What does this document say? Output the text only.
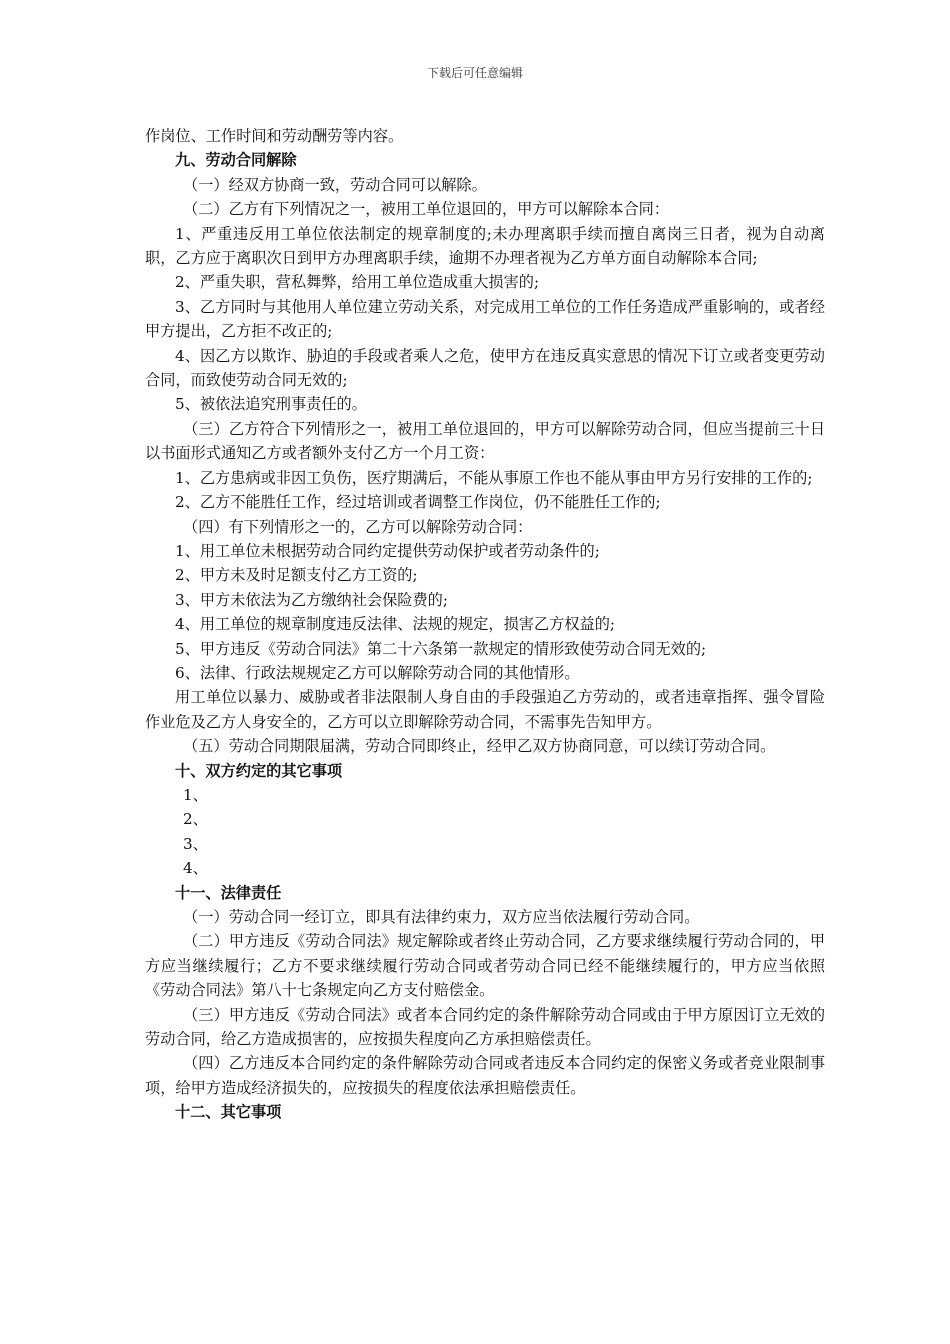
下载后可任意编辑

作岗位、工作时间和劳动酬劳等内容。

九、劳动合同解除

（一）经双方协商一致，劳动合同可以解除。

（二）乙方有下列情况之一，被用工单位退回的，甲方可以解除本合同：

1、严重违反用工单位依法制定的规章制度的;未办理离职手续而擅自离岗三日者，视为自动离职，乙方应于离职次日到甲方办理离职手续，逾期不办理者视为乙方单方面自动解除本合同;

2、严重失职，营私舞弊，给用工单位造成重大损害的;

3、乙方同时与其他用人单位建立劳动关系，对完成用工单位的工作任务造成严重影响的，或者经甲方提出，乙方拒不改正的;

4、因乙方以欺诈、胁迫的手段或者乘人之危，使甲方在违反真实意思的情况下订立或者变更劳动合同，而致使劳动合同无效的;

5、被依法追究刑事责任的。

（三）乙方符合下列情形之一，被用工单位退回的，甲方可以解除劳动合同，但应当提前三十日以书面形式通知乙方或者额外支付乙方一个月工资：

1、乙方患病或非因工负伤，医疗期满后，不能从事原工作也不能从事由甲方另行安排的工作的;

2、乙方不能胜任工作，经过培训或者调整工作岗位，仍不能胜任工作的;

（四）有下列情形之一的，乙方可以解除劳动合同：

1、用工单位未根据劳动合同约定提供劳动保护或者劳动条件的;

2、甲方未及时足额支付乙方工资的;

3、甲方未依法为乙方缴纳社会保险费的;

4、用工单位的规章制度违反法律、法规的规定，损害乙方权益的;

5、甲方违反《劳动合同法》第二十六条第一款规定的情形致使劳动合同无效的;

6、法律、行政法规规定乙方可以解除劳动合同的其他情形。

用工单位以暴力、威胁或者非法限制人身自由的手段强迫乙方劳动的，或者违章指挥、强令冒险作业危及乙方人身安全的，乙方可以立即解除劳动合同，不需事先告知甲方。

（五）劳动合同期限届满，劳动合同即终止，经甲乙双方协商同意，可以续订劳动合同。

十、双方约定的其它事项

1、

2、

3、

4、

十一、法律责任

（一）劳动合同一经订立，即具有法律约束力，双方应当依法履行劳动合同。

（二）甲方违反《劳动合同法》规定解除或者终止劳动合同，乙方要求继续履行劳动合同的，甲方应当继续履行；乙方不要求继续履行劳动合同或者劳动合同已经不能继续履行的，甲方应当依照《劳动合同法》第八十七条规定向乙方支付赔偿金。

（三）甲方违反《劳动合同法》或者本合同约定的条件解除劳动合同或由于甲方原因订立无效的劳动合同，给乙方造成损害的，应按损失程度向乙方承担赔偿责任。

（四）乙方违反本合同约定的条件解除劳动合同或者违反本合同约定的保密义务或者竞业限制事项，给甲方造成经济损失的，应按损失的程度依法承担赔偿责任。

十二、其它事项
